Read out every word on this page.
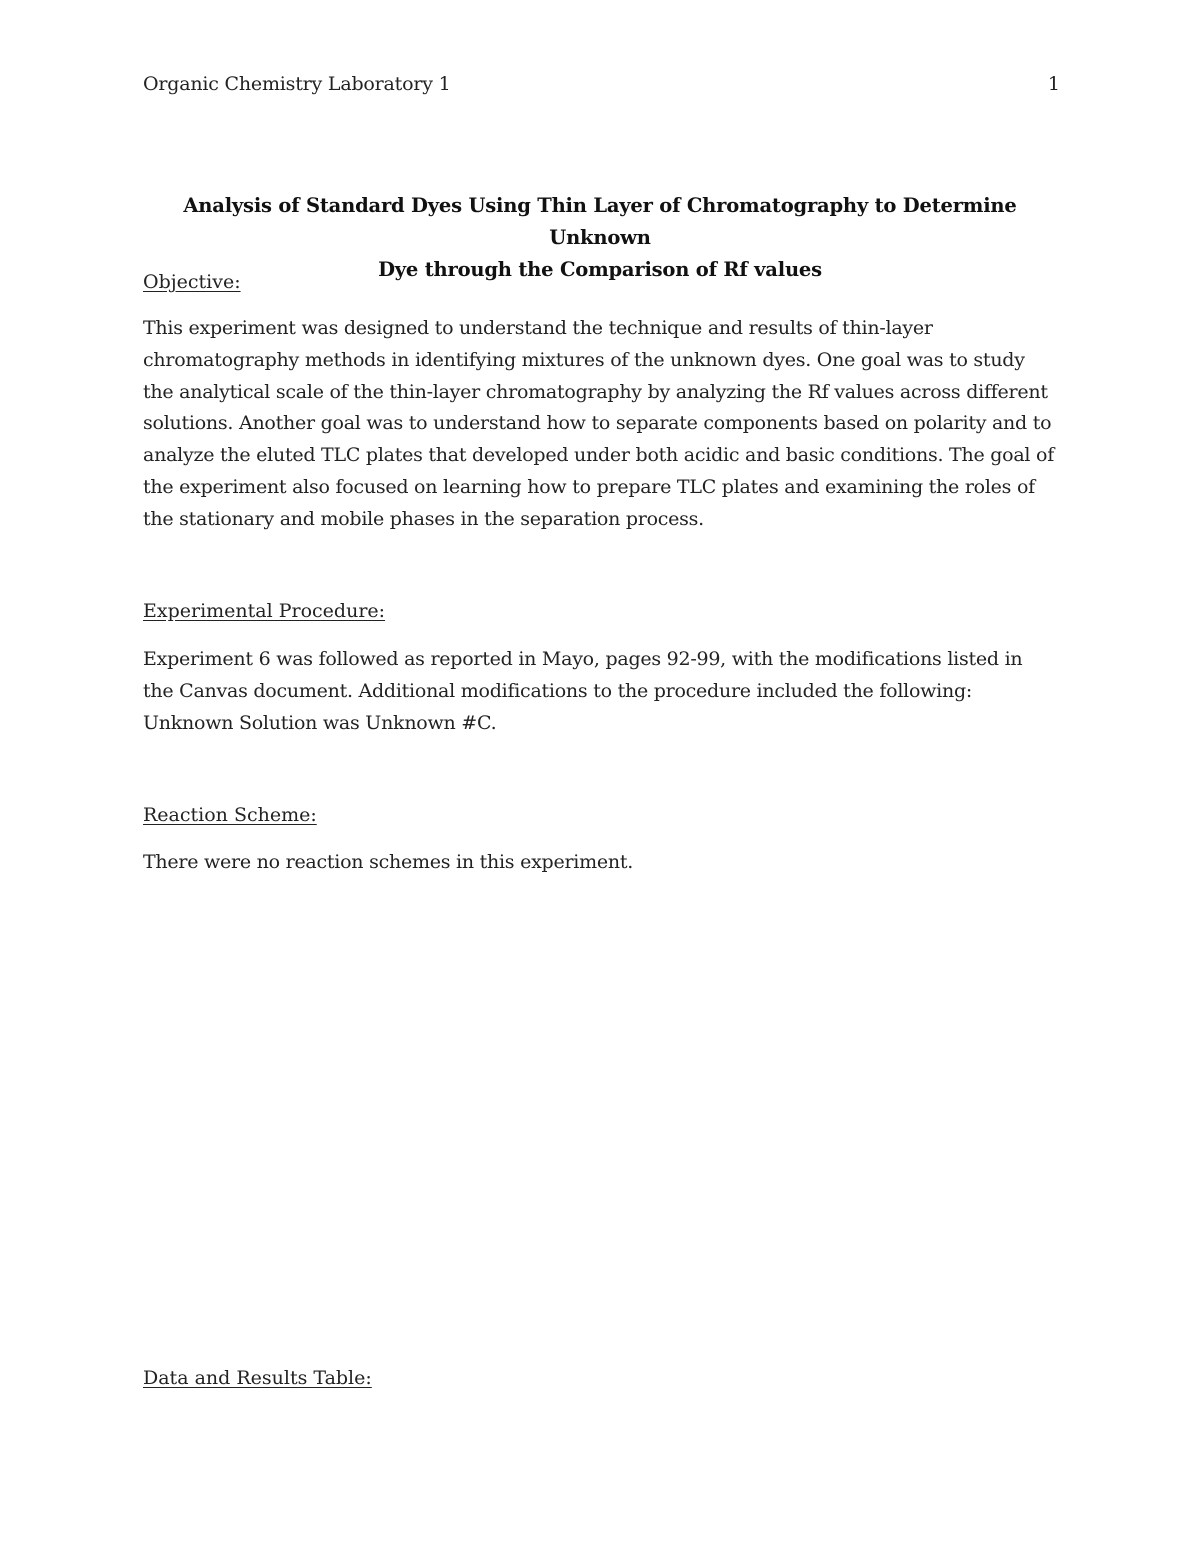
Organic Chemistry Laboratory 1	1
Analysis of Standard Dyes Using Thin Layer of Chromatography to Determine Unknown
Dye through the Comparison of Rf values
Objective:
This experiment was designed to understand the technique and results of thin-layer
chromatography methods in identifying mixtures of the unknown dyes. One goal was to study
the analytical scale of the thin-layer chromatography by analyzing the Rf values across different
solutions. Another goal was to understand how to separate components based on polarity and to
analyze the eluted TLC plates that developed under both acidic and basic conditions. The goal of
the experiment also focused on learning how to prepare TLC plates and examining the roles of
the stationary and mobile phases in the separation process.
Experimental Procedure:
Experiment 6 was followed as reported in Mayo, pages 92-99, with the modifications listed in
the Canvas document. Additional modifications to the procedure included the following:
Unknown Solution was Unknown #C.
Reaction Scheme:
There were no reaction schemes in this experiment.
Data and Results Table:
